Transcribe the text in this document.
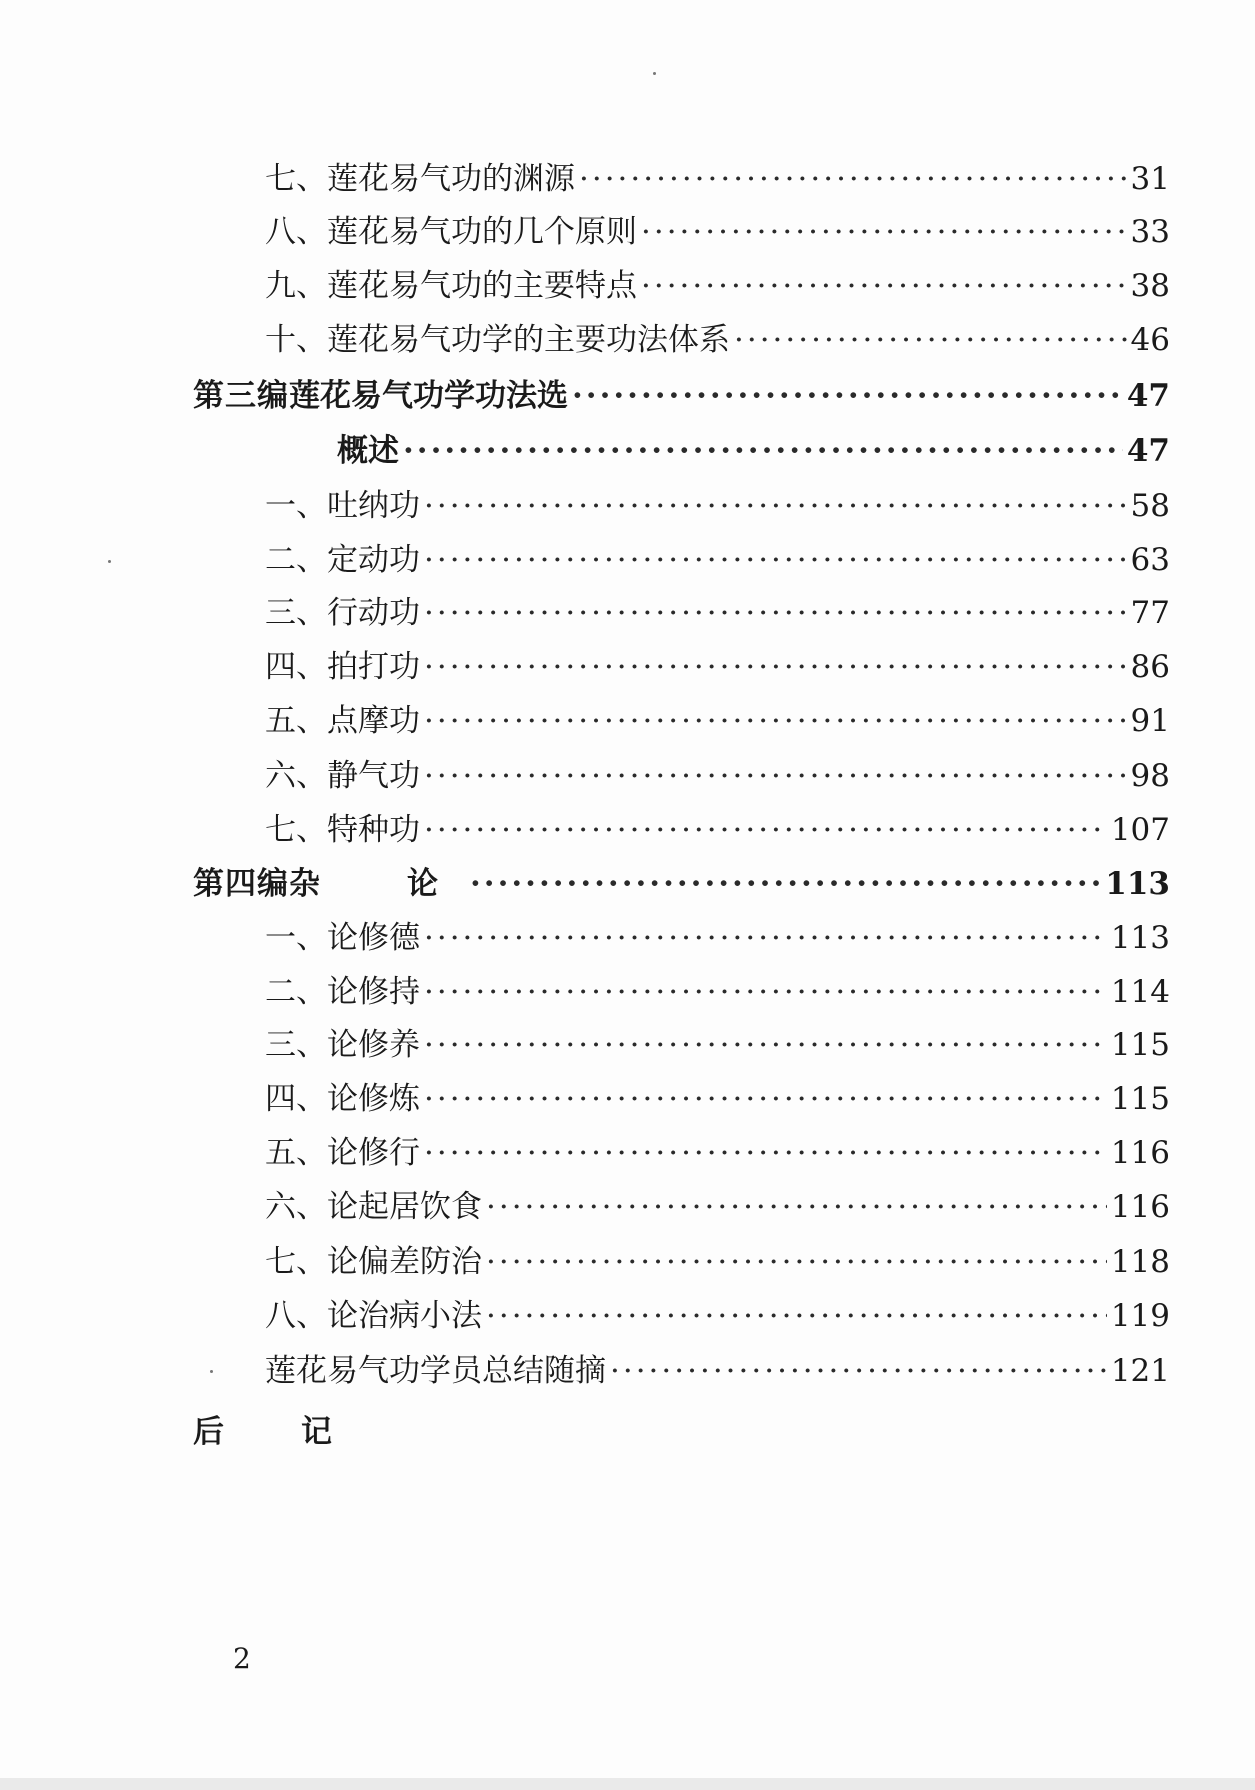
七、 莲花易气功的渊源 ·····	31
八、 莲花易气功的几个原则 ·····	33
九、 莲花易气功的主要特点 ·····	38
十、 莲花易气功学的主要功法体系 ·····	46
第三编 莲花易气功学功法选 ·····	47
概述 ·····	47
一、 吐纳功 ·····	58
二、 定动功 ·····	63
三、 行动功 ·····	77
四、 拍打功 ·····	86
五、 点摩功 ·····	91
六、 静气功 ·····	98
七、 特种功 ·····	107
第四编 杂　论 ·····	113
一、 论修德 ·····	113
二、 论修持 ·····	114
三、 论修养 ·····	115
四、 论修炼 ·····	115
五、 论修行 ·····	116
六、 论起居饮食 ·····	116
七、 论偏差防治 ·····	118
八、 论治病小法 ·····	119
莲花易气功学员总结随摘 ·····	121
后	记
2
